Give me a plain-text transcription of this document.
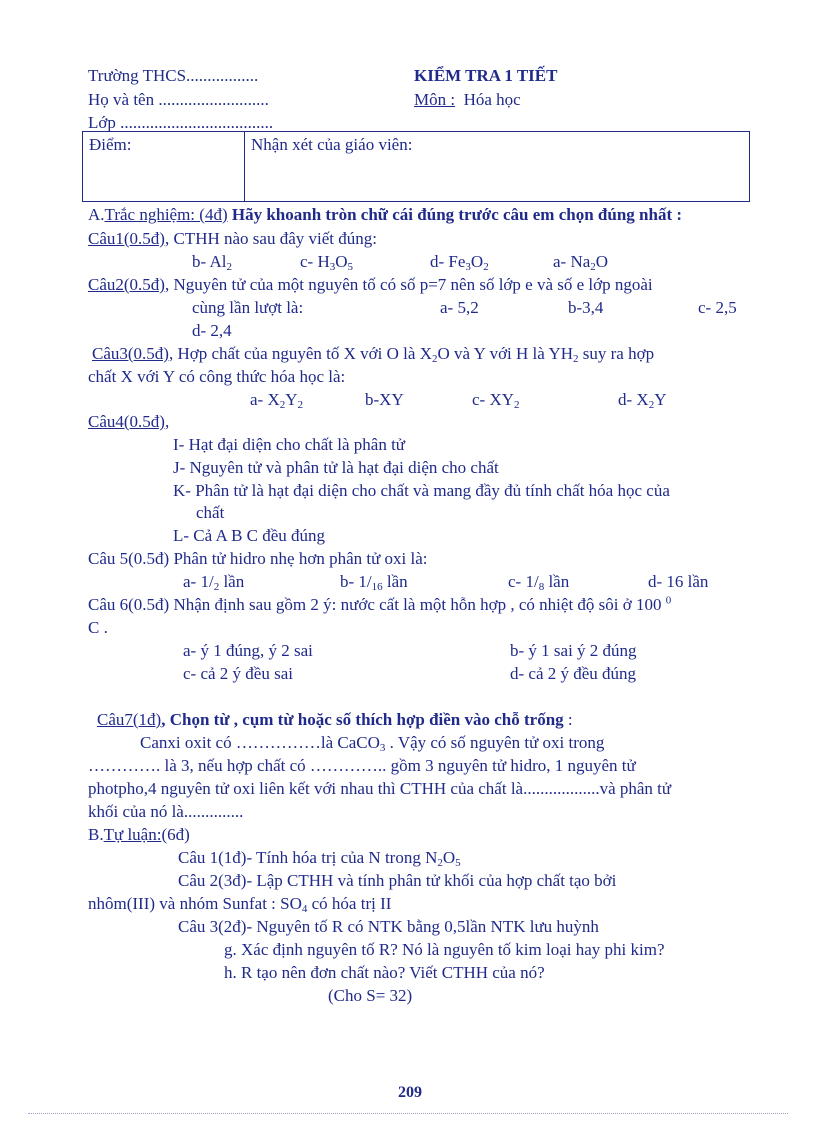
Trường THCS.................
Họ và tên ..........................
Lớp ....................................
KIỂM TRA 1 TIẾT
Môn : Hóa học
Điểm:	Nhận xét của giáo viên:
A.Trắc nghiệm: (4đ) Hãy khoanh tròn chữ cái đúng trước câu em chọn đúng nhất :
Câu1(0.5đ), CTHH nào sau đây viết đúng:
b- $Al_2$	c- $H_3O_5$	d- $Fe_3O_2$	a- $Na_2O$
Câu2(0.5đ), Nguyên tử của một nguyên tố có số p=7 nên số lớp e và số e lớp ngoài
cùng lần lượt là:	a- 5,2	b-3,4	c- 2,5
d- 2,4
Câu3(0.5đ), Hợp chất của nguyên tố X với O là $X_2O$ và Y với H là $YH_2$ suy ra hợp
chất X với Y có công thức hóa học là:
a- $X_2Y_2$	b-XY	c- $XY_2$	d- $X_2Y$
Câu4(0.5đ),
I- Hạt đại diện cho chất là phân tử
J- Nguyên tử và phân tử là hạt đại diện cho chất
K- Phân tử là hạt đại diện cho chất và mang đầy đủ tính chất hóa học của
chất
L- Cả A B C đều đúng
Câu 5(0.5đ) Phân tử hidro nhẹ hơn phân tử oxi là:
a- $1/_2$ lần	b- $1/_{16}$ lần	c- $1/_8$ lần	d- 16 lần
Câu 6(0.5đ) Nhận định sau gồm 2 ý: nước cất là một hỗn hợp , có nhiệt độ sôi ở 100 $^0$
C .
a- ý 1 đúng, ý 2 sai	b- ý 1 sai ý 2 đúng
c- cả 2 ý đều sai	d- cả 2 ý đều đúng
Câu7(1đ), Chọn từ , cụm từ hoặc số thích hợp điền vào chỗ trống :
Canxi oxit có ……………là CaCO$_3$ . Vậy có số nguyên tử oxi trong
…………. là 3, nếu hợp chất có ………….. gồm 3 nguyên tử hidro, 1 nguyên tử
photpho,4 nguyên tử oxi liên kết với nhau thì CTHH của chất là..................và phân tử
khối của nó là..............
B.Tự luận:(6đ)
Câu 1(1đ)- Tính hóa trị của N trong $N_2O_5$
Câu 2(3đ)- Lập CTHH và tính phân tử khối của hợp chất tạo bởi
nhôm(III) và nhóm Sunfat : $SO_4$ có hóa trị II
Câu 3(2đ)- Nguyên tố R có NTK bằng 0,5lần NTK lưu huỳnh
g. Xác định nguyên tố R? Nó là nguyên tố kim loại hay phi kim?
h. R tạo nên đơn chất nào? Viết CTHH của nó?
(Cho S= 32)
209
